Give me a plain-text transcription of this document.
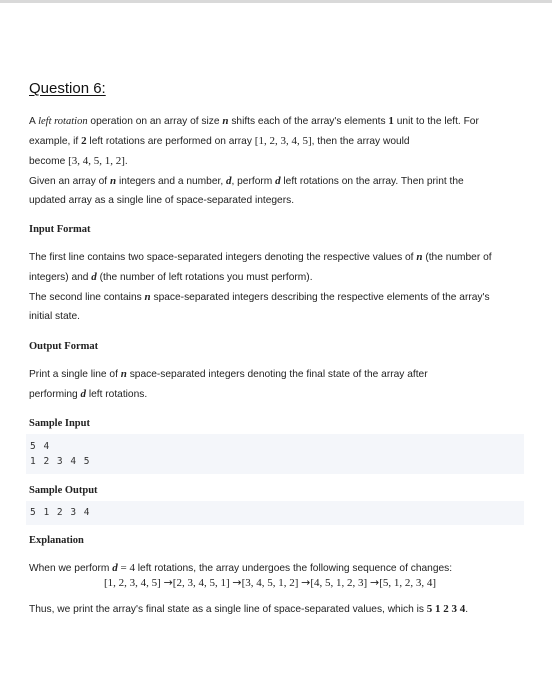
Question 6:
A left rotation operation on an array of size n shifts each of the array's elements 1 unit to the left. For
example, if 2 left rotations are performed on array [1, 2, 3, 4, 5], then the array would
become [3, 4, 5, 1, 2].
Given an array of n integers and a number, d, perform d left rotations on the array. Then print the
updated array as a single line of space-separated integers.
Input Format
The first line contains two space-separated integers denoting the respective values of n (the number of
integers) and d (the number of left rotations you must perform).
The second line contains n space-separated integers describing the respective elements of the array's
initial state.
Output Format
Print a single line of n space-separated integers denoting the final state of the array after
performing d left rotations.
Sample Input
5 4
1 2 3 4 5
Sample Output
5 1 2 3 4
Explanation
When we perform d = 4 left rotations, the array undergoes the following sequence of changes:
[1, 2, 3, 4, 5] →[2, 3, 4, 5, 1] →[3, 4, 5, 1, 2] →[4, 5, 1, 2, 3] →[5, 1, 2, 3, 4]
Thus, we print the array's final state as a single line of space-separated values, which is 5 1 2 3 4.
